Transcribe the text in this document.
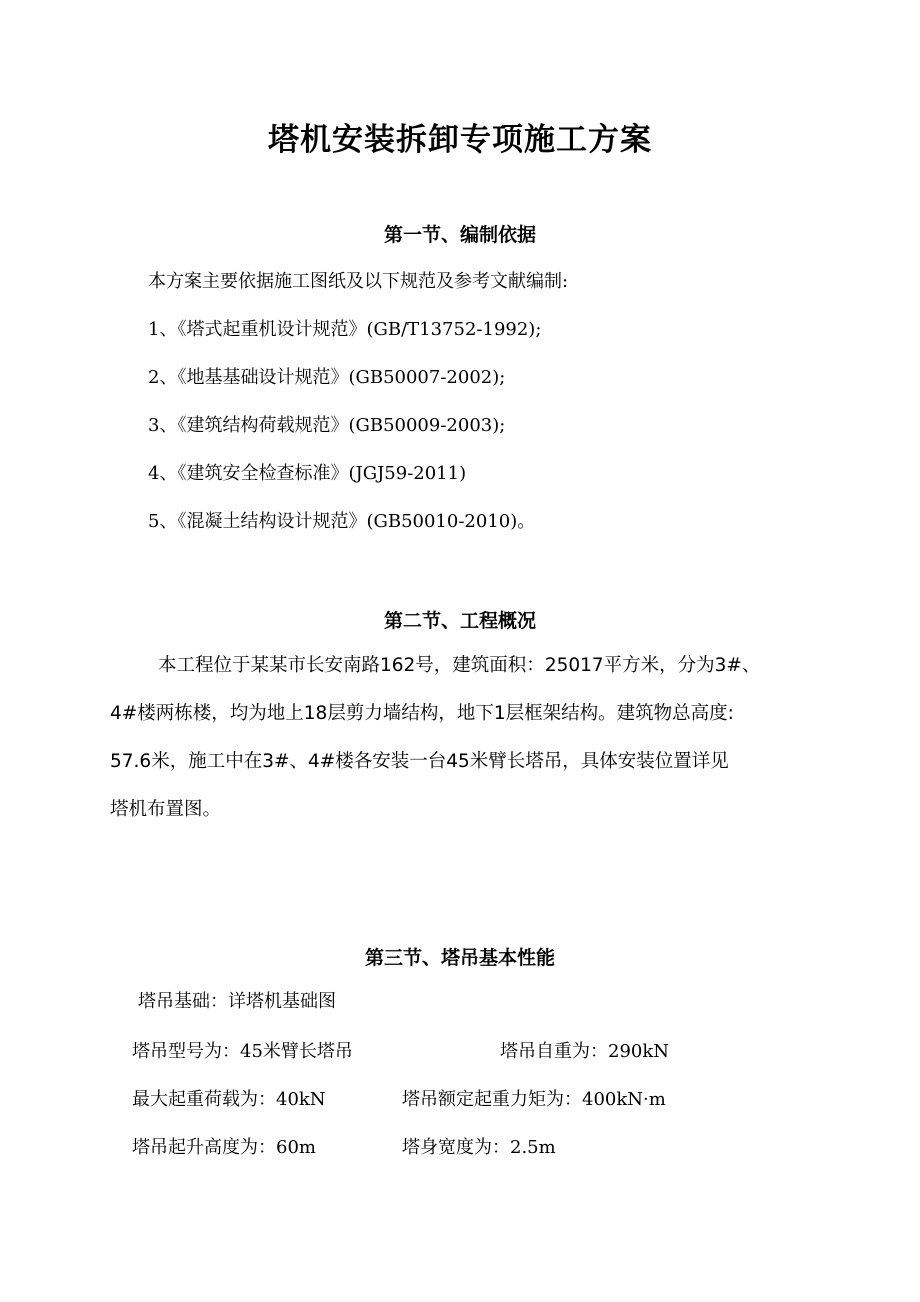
塔机安装拆卸专项施工方案
第一节、编制依据
本方案主要依据施工图纸及以下规范及参考文献编制:
1、《塔式起重机设计规范》(GB/T13752-1992);
2、《地基基础设计规范》(GB50007-2002);
3、《建筑结构荷载规范》(GB50009-2003);
4、《建筑安全检查标准》(JGJ59-2011)
5、《混凝土结构设计规范》(GB50010-2010)。
第二节、工程概况
本工程位于某某市长安南路162号，建筑面积：25017平方米，分为3#、
4#楼两栋楼，均为地上18层剪力墙结构，地下1层框架结构。建筑物总高度:
57.6米，施工中在3#、4#楼各安装一台45米臂长塔吊，具体安装位置详见
塔机布置图。
第三节、塔吊基本性能
塔吊基础：详塔机基础图
塔吊型号为：45米臂长塔吊	塔吊自重为：290kN
最大起重荷载为：40kN	塔吊额定起重力矩为：400kN·m
塔吊起升高度为：60m	塔身宽度为：2.5m
